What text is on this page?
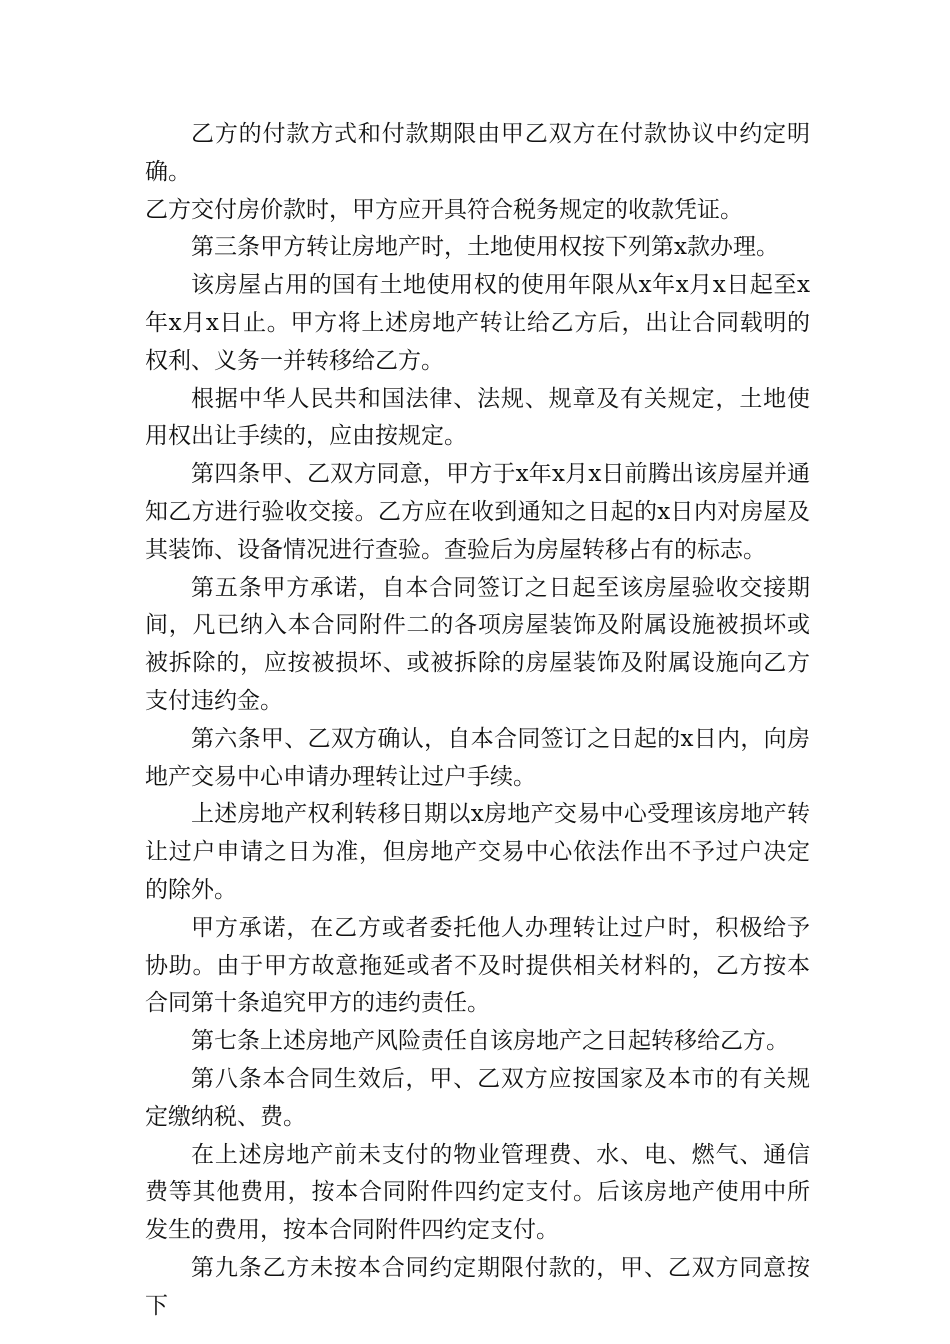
乙方的付款方式和付款期限由甲乙双方在付款协议中约定明确。

乙方交付房价款时，甲方应开具符合税务规定的收款凭证。

第三条甲方转让房地产时，土地使用权按下列第x款办理。

该房屋占用的国有土地使用权的使用年限从x年x月x日起至x年x月x日止。甲方将上述房地产转让给乙方后，出让合同载明的权利、义务一并转移给乙方。

根据中华人民共和国法律、法规、规章及有关规定，土地使用权出让手续的，应由按规定。

第四条甲、乙双方同意，甲方于x年x月x日前腾出该房屋并通知乙方进行验收交接。乙方应在收到通知之日起的x日内对房屋及其装饰、设备情况进行查验。查验后为房屋转移占有的标志。

第五条甲方承诺，自本合同签订之日起至该房屋验收交接期间，凡已纳入本合同附件二的各项房屋装饰及附属设施被损坏或被拆除的，应按被损坏、或被拆除的房屋装饰及附属设施向乙方支付违约金。

第六条甲、乙双方确认，自本合同签订之日起的x日内，向房地产交易中心申请办理转让过户手续。

上述房地产权利转移日期以x房地产交易中心受理该房地产转让过户申请之日为准，但房地产交易中心依法作出不予过户决定的除外。

甲方承诺，在乙方或者委托他人办理转让过户时，积极给予协助。由于甲方故意拖延或者不及时提供相关材料的，乙方按本合同第十条追究甲方的违约责任。

第七条上述房地产风险责任自该房地产之日起转移给乙方。

第八条本合同生效后，甲、乙双方应按国家及本市的有关规定缴纳税、费。

在上述房地产前未支付的物业管理费、水、电、燃气、通信费等其他费用，按本合同附件四约定支付。后该房地产使用中所发生的费用，按本合同附件四约定支付。

第九条乙方未按本合同约定期限付款的，甲、乙双方同意按下
